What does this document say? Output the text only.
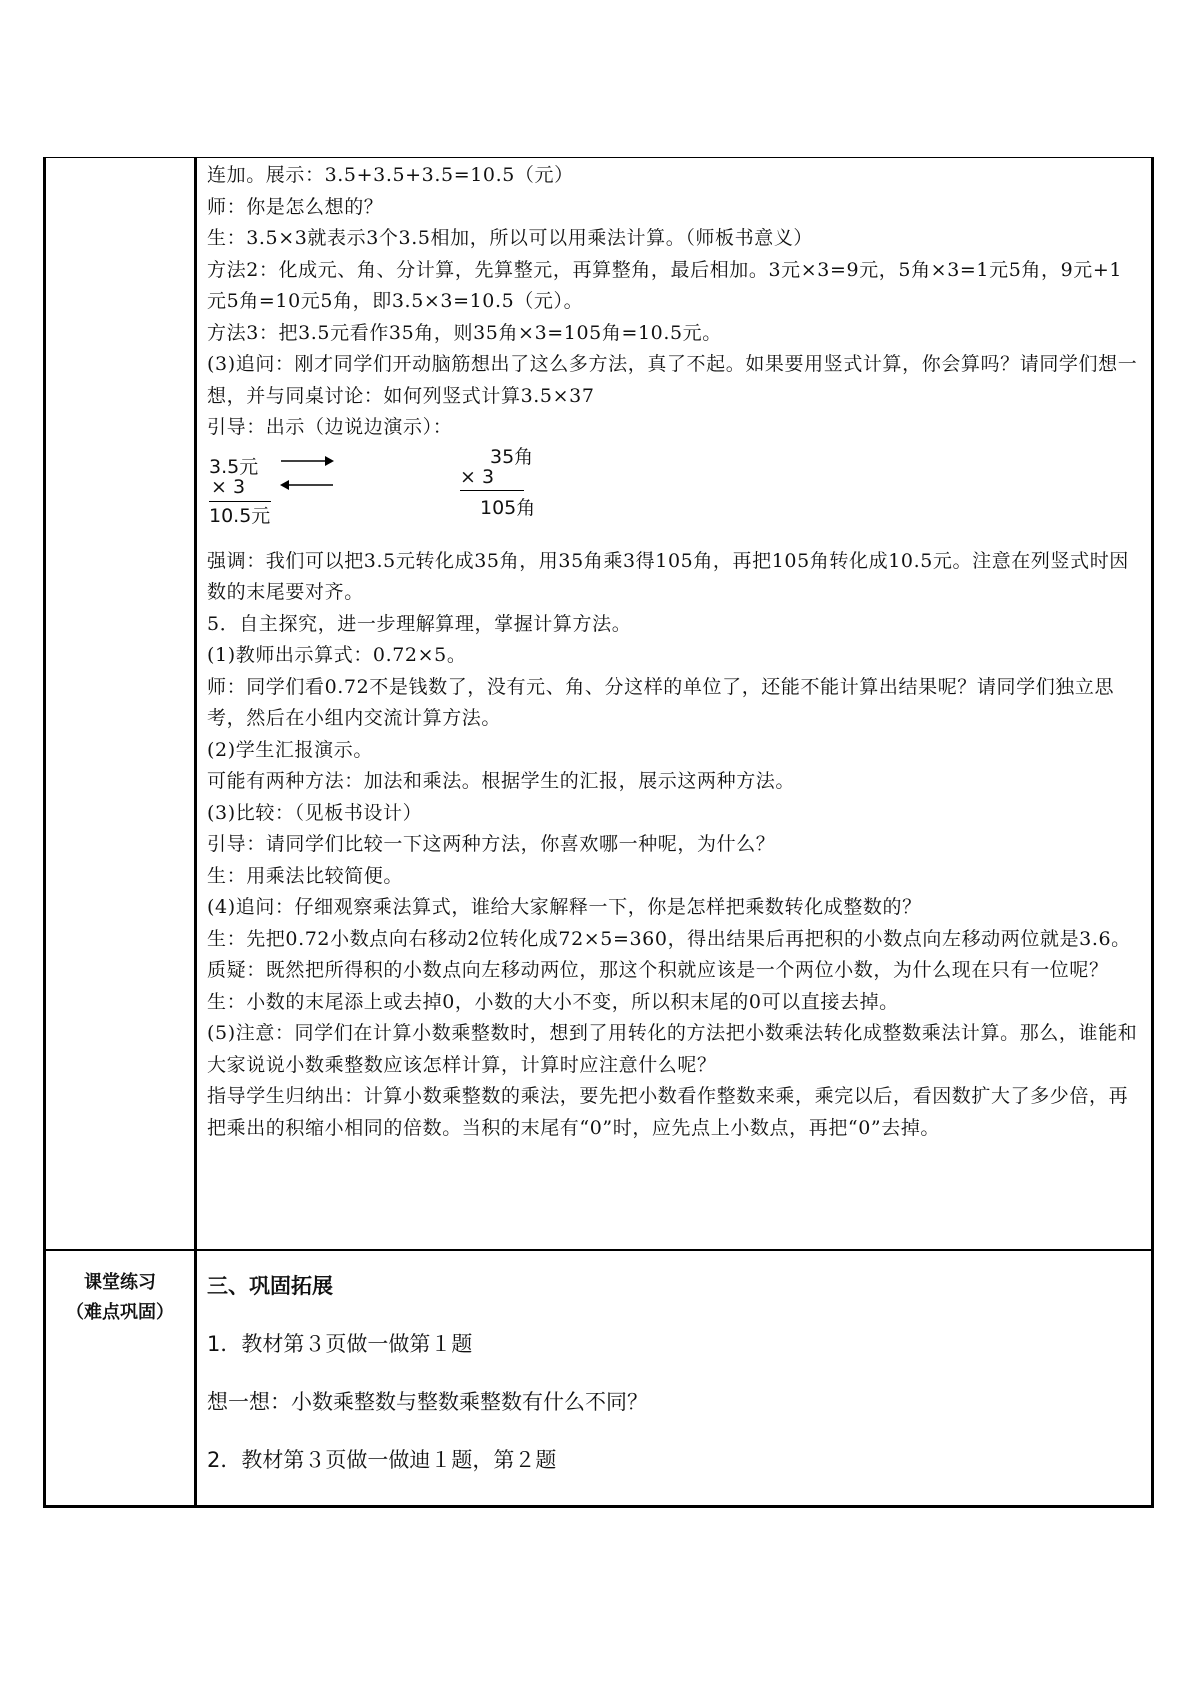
连加。展示：3.5+3.5+3.5=10.5（元）

师：你是怎么想的？

生：3.5×3就表示3个3.5相加，所以可以用乘法计算。（师板书意义）

方法2：化成元、角、分计算，先算整元，再算整角，最后相加。3元×3=9元，5角×3=1元5角，9元+1元5角=10元5角，即3.5×3=10.5（元）。

方法3：把3.5元看作35角，则35角×3=105角=10.5元。

(3)追问：刚才同学们开动脑筋想出了这么多方法，真了不起。如果要用竖式计算，你会算吗？请同学们想一想，并与同桌讨论：如何列竖式计算3.5×37

引导：出示（边说边演示）：

3.5元
× 3
10.5元
35角
× 3
105角

强调：我们可以把3.5元转化成35角，用35角乘3得105角，再把105角转化成10.5元。注意在列竖式时因数的末尾要对齐。

5．自主探究，进一步理解算理，掌握计算方法。

(1)教师出示算式：0.72×5。

师：同学们看0.72不是钱数了，没有元、角、分这样的单位了，还能不能计算出结果呢？请同学们独立思考，然后在小组内交流计算方法。

(2)学生汇报演示。

可能有两种方法：加法和乘法。根据学生的汇报，展示这两种方法。

(3)比较：（见板书设计）

引导：请同学们比较一下这两种方法，你喜欢哪一种呢，为什么？

生：用乘法比较简便。

(4)追问：仔细观察乘法算式，谁给大家解释一下，你是怎样把乘数转化成整数的？

生：先把0.72小数点向右移动2位转化成72×5=360，得出结果后再把积的小数点向左移动两位就是3.6。

质疑：既然把所得积的小数点向左移动两位，那这个积就应该是一个两位小数，为什么现在只有一位呢？

生：小数的末尾添上或去掉0，小数的大小不变，所以积末尾的0可以直接去掉。

(5)注意：同学们在计算小数乘整数时，想到了用转化的方法把小数乘法转化成整数乘法计算。那么，谁能和大家说说小数乘整数应该怎样计算，计算时应注意什么呢？

指导学生归纳出：计算小数乘整数的乘法，要先把小数看作整数来乘，乘完以后，看因数扩大了多少倍，再把乘出的积缩小相同的倍数。当积的末尾有“0”时，应先点上小数点，再把“0”去掉。

课堂练习
（难点巩固）

三、巩固拓展

1．教材第３页做一做第１题

想一想：小数乘整数与整数乘整数有什么不同？

2．教材第３页做一做迪１题，第２题
